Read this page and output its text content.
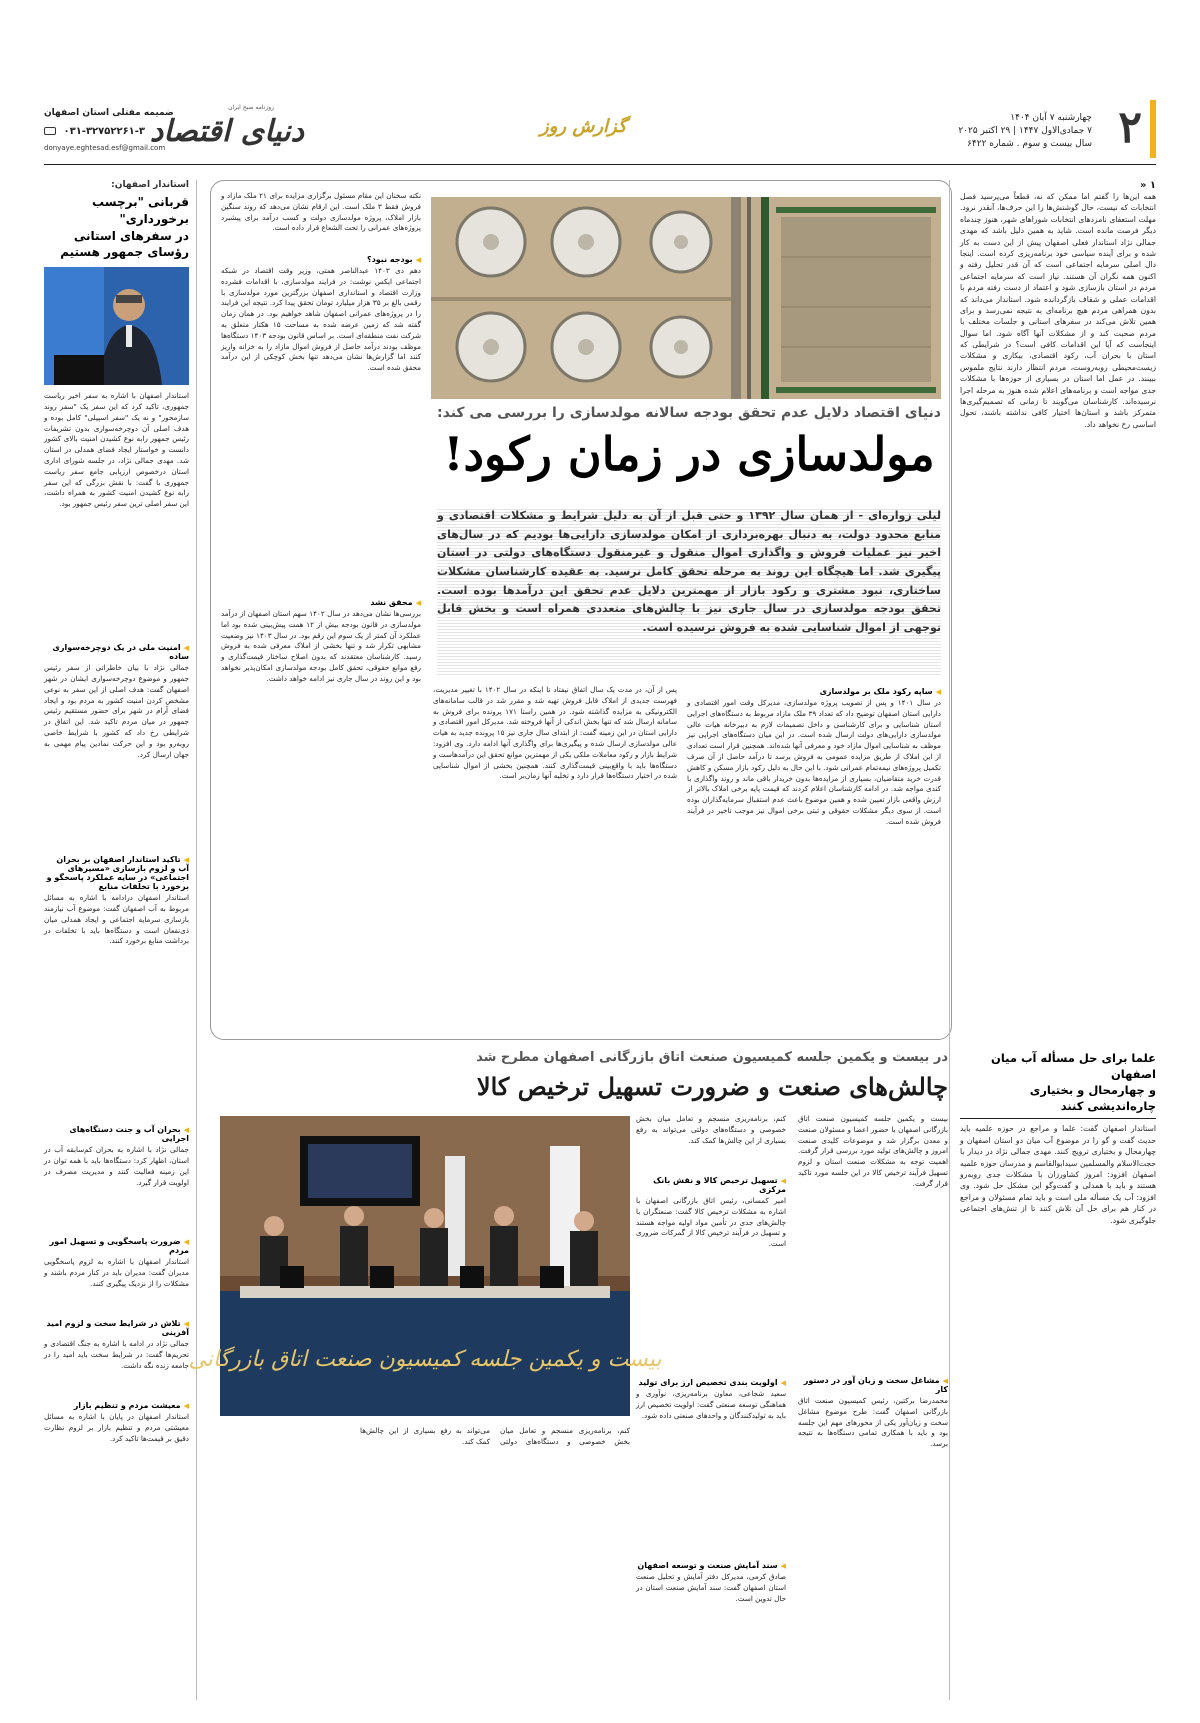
۲
چهارشنبه ۷ آبان ۱۴۰۴
۷ جمادی‌الاول ۱۴۴۷ | ۲۹ اکتبر ۲۰۲۵
سال بیست و سوم . شماره ۶۴۲۲
گزارش روز
ضمیمه مفتلی استان اصفهان
دنیای اقتصاد
روزنامه صبح ایران
۰۳۱-۳۲۷۵۲۲۶۱-۳
donyaye.eghtesad.esf@gmail.com
استاندار اصفهان:
قربانی "برچسب برخورداری"
در سفرهای استانی
رؤسای جمهور هستیم
استاندار اصفهان با اشاره به سفر اخیر ریاست جمهوری، تاکید کرد که این سفر یک "سفر روند سازمحور" و نه یک "سفر اسپیلی" کامل بوده و هدف اصلی آن دوچرخه‌سواری بدون تشریفات رئیس جمهور رابه نوع کشیدن امنیت بالای کشور دانست و خواستار ایجاد فضای همدلی در استان شد. مهدی جمالی نژاد، در جلسه شورای اداری استان درخصوص ارزیابی جامع سفر ریاست جمهوری با گفت: با نقش بزرگی که این سفر رابه نوع کشیدن امنیت کشور به همراه داشت، این سفر اصلی ترین سفر رئیس جمهور بود.
◀ امنیت ملی در یک دوچرخه‌سواری ساده
جمالی نژاد با بیان خاطراتی از سفر رئیس جمهور و موضوع دوچرخه‌سواری ایشان در شهر اصفهان گفت: هدف اصلی از این سفر به نوعی مشخص کردن امنیت کشور به مردم بود و ایجاد فضای آرام در شهر برای حضور مستقیم رئیس جمهور در میان مردم تاکید شد. این اتفاق در شرایطی رخ داد که کشور با شرایط خاصی روبه‌رو بود و این حرکت نمادین پیام مهمی به جهان ارسال کرد.
◀ تاکید استاندار اصفهان بر بحران آب و لزوم بازسازی «مسیرهای اجتماعی» در سایه عملکرد پاسخگو و برخورد با تخلفات منابع
استاندار اصفهان درادامه با اشاره به مسائل مربوط به آب اصفهان گفت: موضوع آب نیازمند بازسازی سرمایه اجتماعی و ایجاد همدلی میان ذی‌نفعان است و دستگاه‌ها باید با تخلفات در برداشت منابع برخورد کنند.
◀ بحران آب و جنت دستگاه‌های اجرایی
جمالی نژاد با اشاره به بحران کم‌سابقه آب در استان، اظهار کرد: دستگاه‌ها باید با همه توان در این زمینه فعالیت کنند و مدیریت مصرف در اولویت قرار گیرد.
◀ ضرورت پاسخگویی و تسهیل امور مردم
استاندار اصفهان با اشاره به لزوم پاسخگویی مدیران گفت: مدیران باید در کنار مردم باشند و مشکلات را از نزدیک پیگیری کنند.
◀ تلاش در شرایط سخت و لزوم امید آفرینی
جمالی نژاد در ادامه با اشاره به جنگ اقتصادی و تحریم‌ها گفت: در شرایط سخت باید امید را در جامعه زنده نگه داشت.
◀ معیشت مردم و تنظیم بازار
استاندار اصفهان در پایان با اشاره به مسائل معیشتی مردم و تنظیم بازار بر لزوم نظارت دقیق بر قیمت‌ها تاکید کرد.
نکته سخنان این مقام مسئول برگزاری مزایده برای ۲۱ ملک مازاد و فروش فقط ۳ ملک است. این ارقام نشان می‌دهد که روند سنگین بازار املاک، پروژه مولدسازی دولت و کسب درآمد برای پیشبرد پروژه‌های عمرانی را تحت الشعاع قرار داده است.
◀ بودجه نبود؟
دهم دی ۱۴۰۳ عبدالناصر همتی، وزیر وقت اقتصاد در شبکه اجتماعی ایکس نوشت: در فرایند مولدسازی، با اقدامات فشرده وزارت اقتصاد و استانداری اصفهان بزرگترین مورد مولدسازی با رقمی بالغ بر ۳۵ هزار میلیارد تومان تحقق پیدا کرد. نتیجه این فرایند را در پروژه‌های عمرانی اصفهان شاهد خواهیم بود. در همان زمان گفته شد که زمین عرضه شده به مساحت ۱۵ هکتار متعلق به شرکت نفت منطقه‌ای است. بر اساس قانون بودجه ۱۴۰۳ دستگاه‌ها موظف بودند درآمد حاصل از فروش اموال مازاد را به خزانه واریز کنند اما گزارش‌ها نشان می‌دهد تنها بخش کوچکی از این درآمد محقق شده است.
◀ محقق نشد
بررسی‌ها نشان می‌دهد در سال ۱۴۰۲ سهم استان اصفهان از درآمد مولدسازی در قانون بودجه بیش از ۱۲ همت پیش‌بینی شده بود اما عملکرد آن کمتر از یک سوم این رقم بود. در سال ۱۴۰۳ نیز وضعیت مشابهی تکرار شد و تنها بخشی از املاک معرفی شده به فروش رسید. کارشناسان معتقدند که بدون اصلاح ساختار قیمت‌گذاری و رفع موانع حقوقی، تحقق کامل بودجه مولدسازی امکان‌پذیر نخواهد بود و این روند در سال جاری نیز ادامه خواهد داشت.
دنیای اقتصاد دلایل عدم تحقق بودجه سالانه مولدسازی را بررسی می کند:
مولدسازی در زمان رکود!
لیلی زواره‌ای - از همان سال ۱۳۹۲ و حتی قبل از آن به دلیل شرایط و مشکلات اقتصادی و منابع محدود دولت، به دنبال بهره‌برداری از امکان مولدسازی دارایی‌ها بودیم که در سال‌های اخیر نیز عملیات فروش و واگذاری اموال منقول و غیرمنقول دستگاه‌های دولتی در استان پیگیری شد. اما هیچگاه این روند به مرحله تحقق کامل نرسید. به عقیده کارشناسان مشکلات ساختاری، نبود مشتری و رکود بازار از مهمترین دلایل عدم تحقق این درآمدها بوده است. تحقق بودجه مولدسازی در سال جاری نیز با چالش‌های متعددی همراه است و بخش قابل توجهی از اموال شناسایی شده به فروش نرسیده است.
◀ ساپه رکود ملک بر مولدسازی
در سال ۱۴۰۱ و پس از تصویب پروژه مولدسازی، مدیرکل وقت امور اقتصادی و دارایی استان اصفهان توضیح داد که تعداد ۳۹ ملک مازاد مربوط به دستگاه‌های اجرایی استان شناسایی و برای کارشناسی و داخل تصمیمات لازم به دبیرخانه هیات عالی مولدسازی دارایی‌های دولت ارسال شده است. در این میان دستگاه‌های اجرایی نیز موظف به شناسایی اموال مازاد خود و معرفی آنها شده‌اند. همچنین قرار است تعدادی از این املاک از طریق مزایده عمومی به فروش برسد تا درآمد حاصل از آن صرف تکمیل پروژه‌های نیمه‌تمام عمرانی شود. با این حال به دلیل رکود بازار مسکن و کاهش قدرت خرید متقاضیان، بسیاری از مزایده‌ها بدون خریدار باقی ماند و روند واگذاری با کندی مواجه شد. در ادامه کارشناسان اعلام کردند که قیمت پایه برخی املاک بالاتر از ارزش واقعی بازار تعیین شده و همین موضوع باعث عدم استقبال سرمایه‌گذاران بوده است. از سوی دیگر مشکلات حقوقی و ثبتی برخی اموال نیز موجب تاخیر در فرآیند فروش شده است.
پس از آن، در مدت یک سال اتفاق نیفتاد تا اینکه در سال ۱۴۰۲ با تغییر مدیریت، فهرست جدیدی از املاک قابل فروش تهیه شد و مقرر شد در قالب سامانه‌های الکترونیکی به مزایده گذاشته شود. در همین راستا ۱۷۱ پرونده برای فروش به سامانه ارسال شد که تنها بخش اندکی از آنها فروخته شد. مدیرکل امور اقتصادی و دارایی استان در این زمینه گفت: از ابتدای سال جاری نیز ۱۵ پرونده جدید به هیات عالی مولدسازی ارسال شده و پیگیری‌ها برای واگذاری آنها ادامه دارد. وی افزود: شرایط بازار و رکود معاملات ملکی یکی از مهمترین موانع تحقق این درآمدهاست و دستگاه‌ها باید با واقع‌بینی قیمت‌گذاری کنند. همچنین بخشی از اموال شناسایی شده در اختیار دستگاه‌ها قرار دارد و تخلیه آنها زمان‌بر است.
۱ «
همه این‌ها را گفتم اما ممکن که نه، قطعاً می‌پرسید فصل انتخابات که نیست، حال گوشتش‌ها را این حرف‌ها، آنقدر نرود. مهلت استعفای نامزدهای انتخابات شوراهای شهر، هنوز چندماه دیگر فرصت مانده است. شاید به همین دلیل باشد که مهدی جمالی نژاد استاندار فعلی اصفهان پیش از این دست به کار شده و برای آینده سیاسی خود برنامه‌ریزی کرده است. اینجا دال اصلی سرمایه اجتماعی است که آن قدر تحلیل رفته و اکنون همه نگران آن هستند. نیاز است که سرمایه اجتماعی مردم در استان بازسازی شود و اعتماد از دست رفته مردم با اقدامات عملی و شفاف بازگردانده شود. استاندار می‌داند که بدون همراهی مردم هیچ برنامه‌ای به نتیجه نمی‌رسد و برای همین تلاش می‌کند در سفرهای استانی و جلسات مختلف با مردم صحبت کند و از مشکلات آنها آگاه شود. اما سوال اینجاست که آیا این اقدامات کافی است؟ در شرایطی که استان با بحران آب، رکود اقتصادی، بیکاری و مشکلات زیست‌محیطی روبه‌روست، مردم انتظار دارند نتایج ملموس ببینند. در عمل اما استان در بسیاری از حوزه‌ها با مشکلات جدی مواجه است و برنامه‌های اعلام شده هنوز به مرحله اجرا نرسیده‌اند. کارشناسان می‌گویند تا زمانی که تصمیم‌گیری‌ها متمرکز باشد و استان‌ها اختیار کافی نداشته باشند، تحول اساسی رخ نخواهد داد.
علما برای حل مسأله آب میان اصفهان
و چهارمحال و بختیاری چاره‌اندیشی کنند
استاندار اصفهان گفت: علما و مراجع در حوزه علمیه باید حدیث گفت و گو را در موضوع آب میان دو استان اصفهان و چهارمحال و بختیاری ترویج کنند. مهدی جمالی نژاد در دیدار با حجت‌الاسلام والمسلمین سیدابوالقاسم و مدرسان حوزه علمیه اصفهان افزود: امروز کشاورزان با مشکلات جدی روبه‌رو هستند و باید با همدلی و گفت‌وگو این مشکل حل شود. وی افزود: آب یک مسأله ملی است و باید تمام مسئولان و مراجع در کنار هم برای حل آن تلاش کنند تا از تنش‌های اجتماعی جلوگیری شود.
در بیست و یکمین جلسه کمیسیون صنعت اتاق بازرگانی اصفهان مطرح شد
چالش‌های صنعت و ضرورت تسهیل ترخیص کالا
بیست و یکمین جلسه کمیسیون صنعت اتاق بازرگانی اصفهان با حضور اعضا و مسئولان صنعت و معدن برگزار شد و موضوعات کلیدی صنعت امروز و چالش‌های تولید مورد بررسی قرار گرفت. اهمیت توجه به مشکلات صنعت استان و لزوم تسهیل فرآیند ترخیص کالا در این جلسه مورد تاکید قرار گرفت.
◀ مشاغل سخت و زیان آور در دستور کار
محمدرضا برکتین، رئیس کمیسیون صنعت اتاق بازرگانی اصفهان گفت: طرح موضوع مشاغل سخت و زیان‌آور یکی از محورهای مهم این جلسه بود و باید با همکاری تمامی دستگاه‌ها به نتیجه برسد.
کنم، برنامه‌ریزی منسجم و تعامل میان بخش خصوصی و دستگاه‌های دولتی می‌تواند به رفع بسیاری از این چالش‌ها کمک کند.
◀ تسهیل ترخیص کالا و نقش بانک مرکزی
امیر کمسانی، رئیس اتاق بازرگانی اصفهان با اشاره به مشکلات ترخیص کالا گفت: صنعتگران با چالش‌های جدی در تأمین مواد اولیه مواجه هستند و تسهیل در فرآیند ترخیص کالا از گمرکات ضروری است.
◀ اولویت بندی تخصیص ارز برای تولید
سعید شجاعی، معاون برنامه‌ریزی، نوآوری و هماهنگی توسعه صنعتی گفت: اولویت تخصیص ارز باید به تولیدکنندگان و واحدهای صنعتی داده شود.
◀ سند آمایش صنعت و توسعه اصفهان
صادق کرمی، مدیرکل دفتر آمایش و تحلیل صنعت استان اصفهان گفت: سند آمایش صنعت استان در حال تدوین است.
بیست و یکمین جلسه کمیسیون صنعت اتاق بازرگانی
کنم، برنامه‌ریزی منسجم و تعامل میان بخش خصوصی و دستگاه‌های دولتی می‌تواند به رفع بسیاری از این چالش‌ها کمک کند.
